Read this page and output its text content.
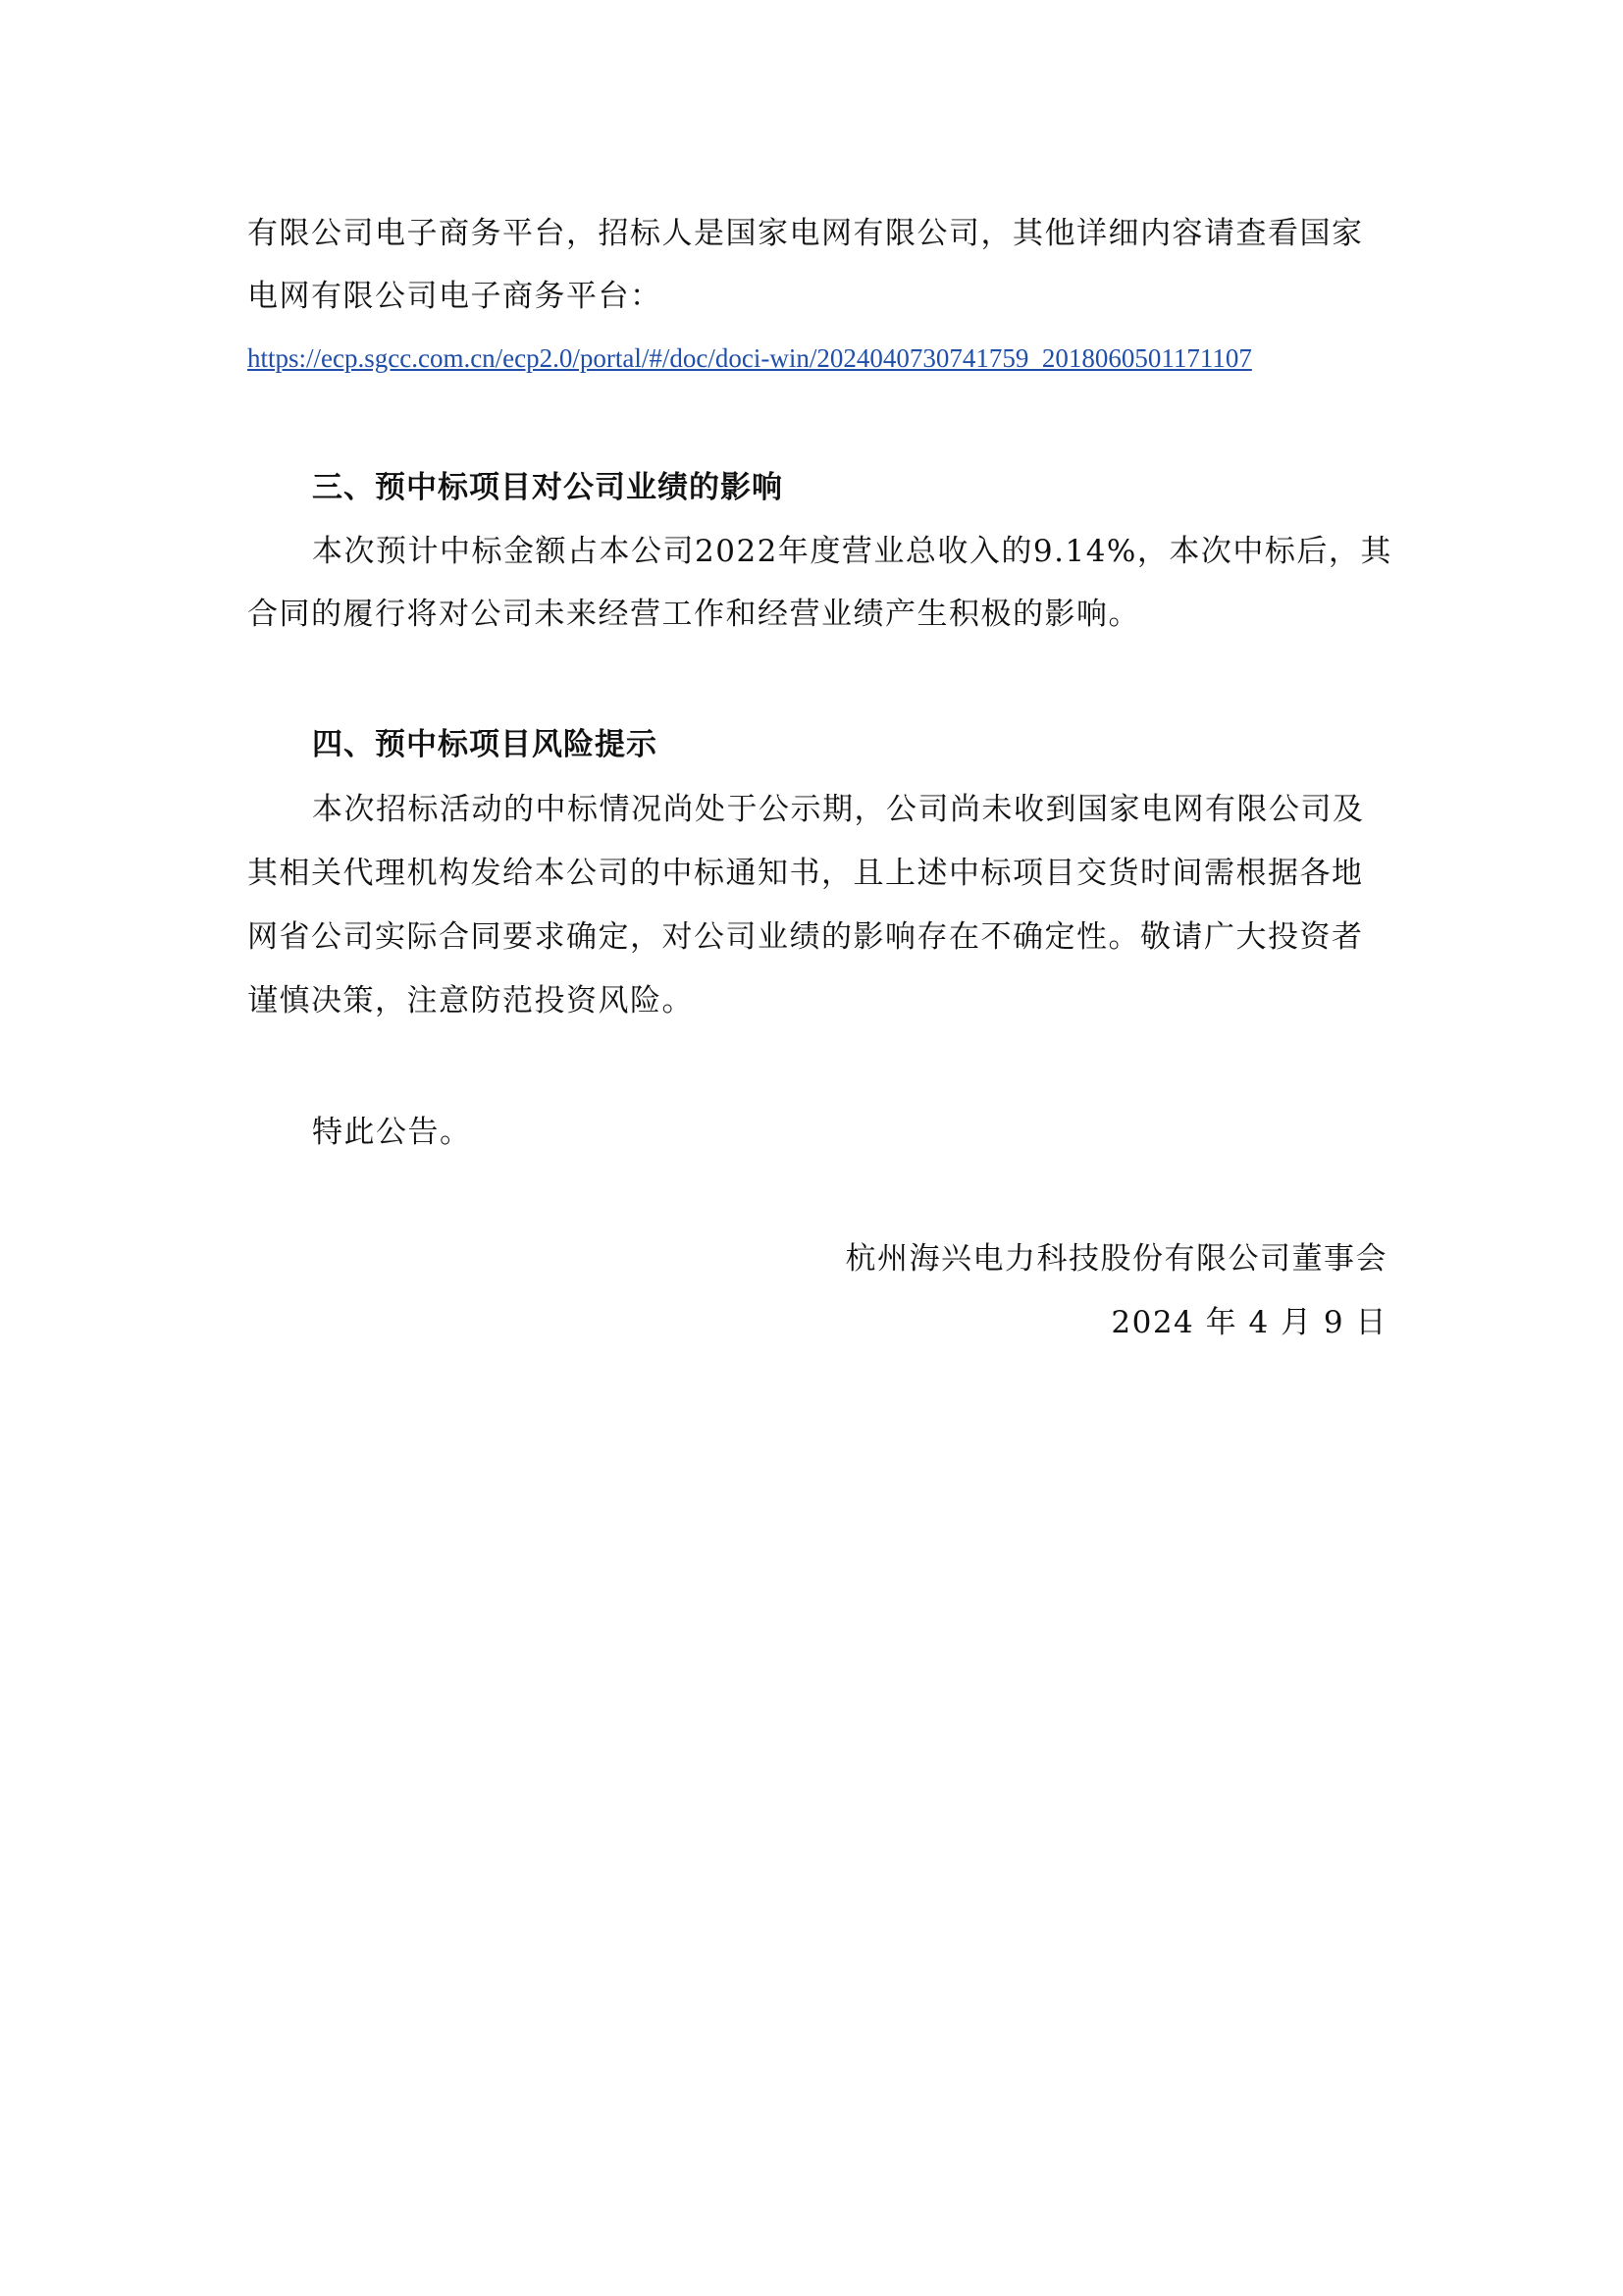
有限公司电子商务平台，招标人是国家电网有限公司，其他详细内容请查看国家
电网有限公司电子商务平台：
https://ecp.sgcc.com.cn/ecp2.0/portal/#/doc/doci-win/2024040730741759_2018060501171107
三、预中标项目对公司业绩的影响
本次预计中标金额占本公司2022年度营业总收入的9.14%，本次中标后，其
合同的履行将对公司未来经营工作和经营业绩产生积极的影响。
四、预中标项目风险提示
本次招标活动的中标情况尚处于公示期，公司尚未收到国家电网有限公司及
其相关代理机构发给本公司的中标通知书，且上述中标项目交货时间需根据各地
网省公司实际合同要求确定，对公司业绩的影响存在不确定性。敬请广大投资者
谨慎决策，注意防范投资风险。
特此公告。
杭州海兴电力科技股份有限公司董事会
2024 年 4 月 9 日
